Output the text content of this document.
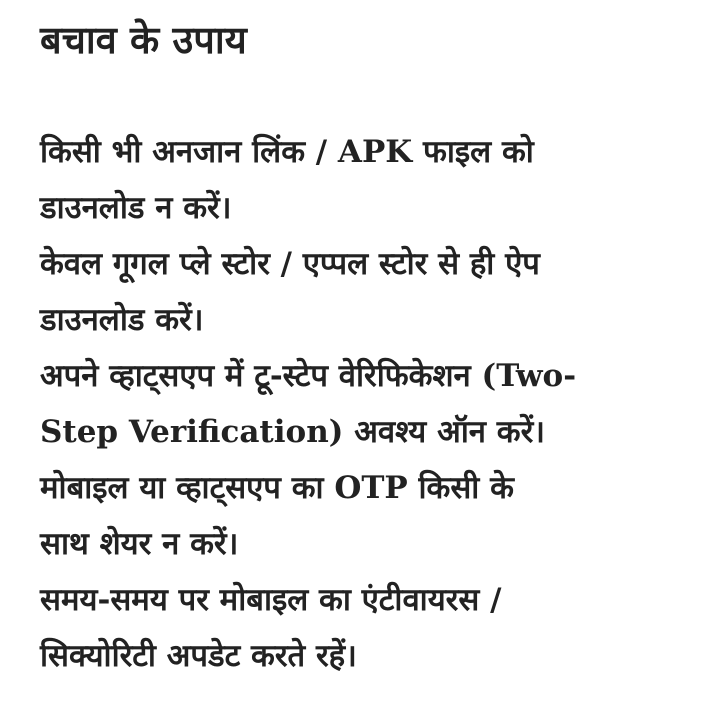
बचाव के उपाय
किसी भी अनजान लिंक / APK फाइल को
डाउनलोड न करें।
केवल गूगल प्ले स्टोर / एप्पल स्टोर से ही ऐप
डाउनलोड करें।
अपने व्हाट्सएप में टू-स्टेप वेरिफिकेशन (Two-
Step Verification) अवश्य ऑन करें।
मोबाइल या व्हाट्सएप का OTP किसी के
साथ शेयर न करें।
समय-समय पर मोबाइल का एंटीवायरस /
सिक्योरिटी अपडेट करते रहें।
